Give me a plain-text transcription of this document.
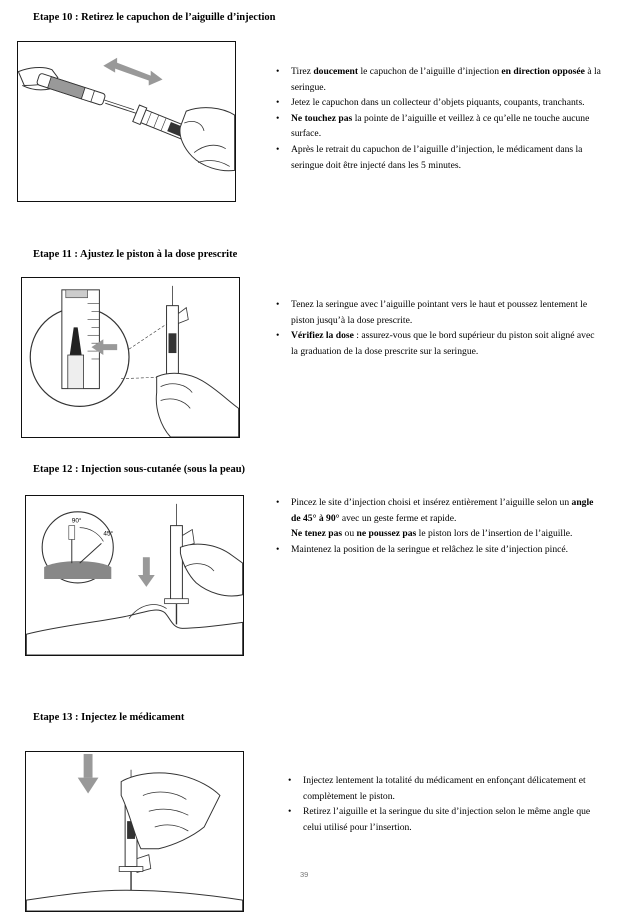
Etape 10 : Retirez le capuchon de l’aiguille d’injection
• Tirez doucement le capuchon de l’aiguille d’injection en direction opposée à la seringue.
• Jetez le capuchon dans un collecteur d’objets piquants, coupants, tranchants.
• Ne touchez pas la pointe de l’aiguille et veillez à ce qu’elle ne touche aucune surface.
• Après le retrait du capuchon de l’aiguille d’injection, le médicament dans la seringue doit être injecté dans les 5 minutes.
Etape 11 : Ajustez le piston à la dose prescrite
• Tenez la seringue avec l’aiguille pointant vers le haut et poussez lentement le piston jusqu’à la dose prescrite.
• Vérifiez la dose : assurez-vous que le bord supérieur du piston soit aligné avec la graduation de la dose prescrite sur la seringue.
Etape 12 : Injection sous-cutanée (sous la peau)
90°
45°
• Pincez le site d’injection choisi et insérez entièrement l’aiguille selon un angle de 45° à 90° avec un geste ferme et rapide.
Ne tenez pas ou ne poussez pas le piston lors de l’insertion de l’aiguille.
• Maintenez la position de la seringue et relâchez le site d’injection pincé.
Etape 13 : Injectez le médicament
• Injectez lentement la totalité du médicament en enfonçant délicatement et complètement le piston.
• Retirez l’aiguille et la seringue du site d’injection selon le même angle que celui utilisé pour l’insertion.
39
